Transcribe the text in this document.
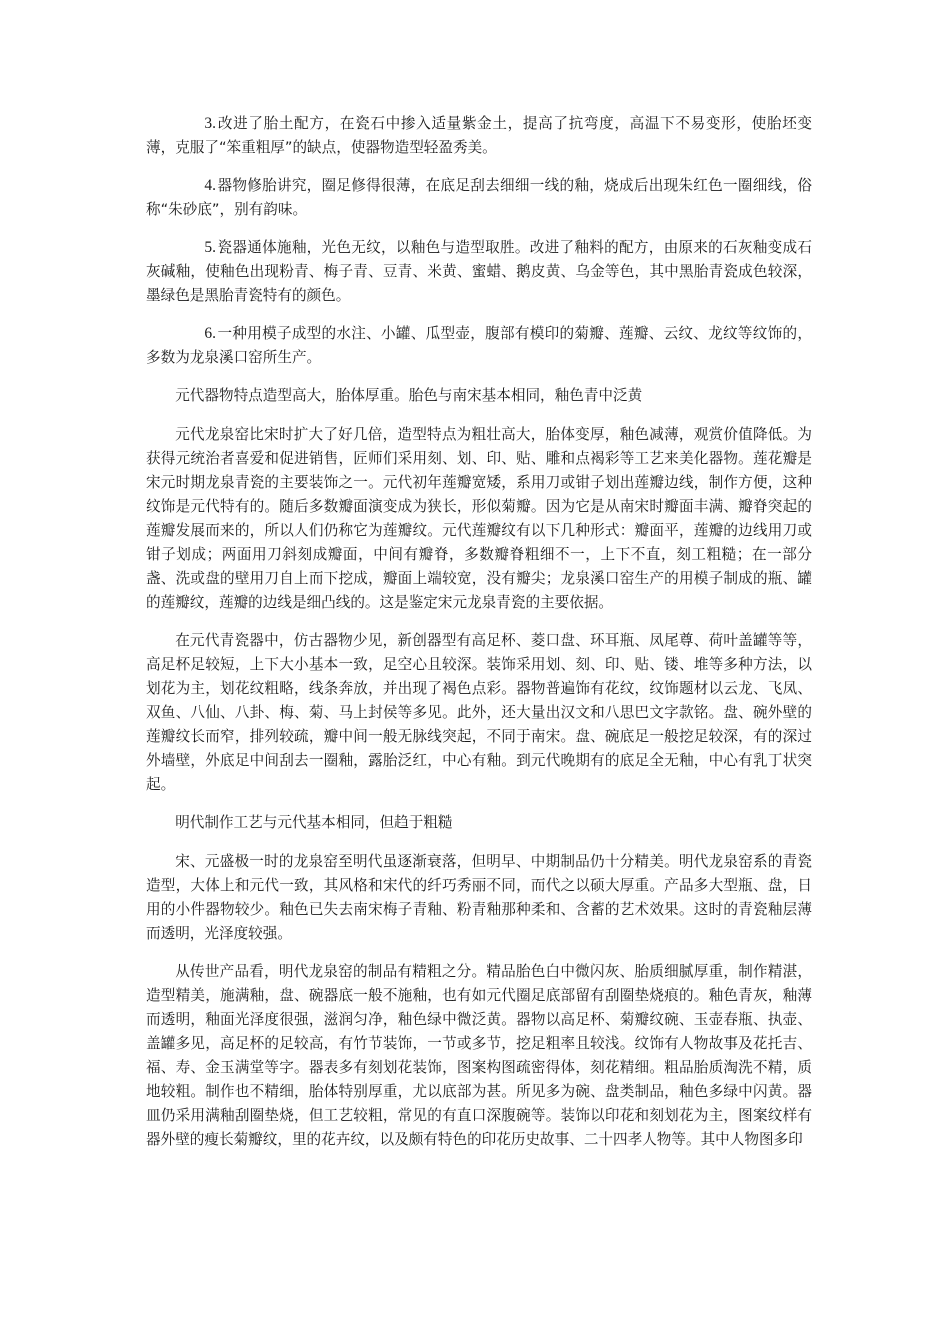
3.改进了胎土配方，在瓷石中掺入适量紫金土，提高了抗弯度，高温下不易变形，使胎坯变薄，克服了“笨重粗厚”的缺点，使器物造型轻盈秀美。

4.器物修胎讲究，圈足修得很薄，在底足刮去细细一线的釉，烧成后出现朱红色一圈细线，俗称“朱砂底”，别有韵味。

5.瓷器通体施釉，光色无纹，以釉色与造型取胜。改进了釉料的配方，由原来的石灰釉变成石灰碱釉，使釉色出现粉青、梅子青、豆青、米黄、蜜蜡、鹅皮黄、乌金等色，其中黑胎青瓷成色较深，墨绿色是黑胎青瓷特有的颜色。

6.一种用模子成型的水注、小罐、瓜型壶，腹部有模印的菊瓣、莲瓣、云纹、龙纹等纹饰的，多数为龙泉溪口窑所生产。

元代器物特点造型高大，胎体厚重。胎色与南宋基本相同，釉色青中泛黄

元代龙泉窑比宋时扩大了好几倍，造型特点为粗壮高大，胎体变厚，釉色减薄，观赏价值降低。为获得元统治者喜爱和促进销售，匠师们采用刻、划、印、贴、雕和点褐彩等工艺来美化器物。莲花瓣是宋元时期龙泉青瓷的主要装饰之一。元代初年莲瓣宽矮，系用刀或钳子划出莲瓣边线，制作方便，这种纹饰是元代特有的。随后多数瓣面演变成为狭长，形似菊瓣。因为它是从南宋时瓣面丰满、瓣脊突起的莲瓣发展而来的，所以人们仍称它为莲瓣纹。元代莲瓣纹有以下几种形式：瓣面平，莲瓣的边线用刀或钳子划成；两面用刀斜刻成瓣面，中间有瓣脊，多数瓣脊粗细不一，上下不直，刻工粗糙；在一部分盏、洗或盘的壁用刀自上而下挖成，瓣面上端较宽，没有瓣尖；龙泉溪口窑生产的用模子制成的瓶、罐的莲瓣纹，莲瓣的边线是细凸线的。这是鉴定宋元龙泉青瓷的主要依据。

在元代青瓷器中，仿古器物少见，新创器型有高足杯、菱口盘、环耳瓶、凤尾尊、荷叶盖罐等等，高足杯足较短，上下大小基本一致，足空心且较深。装饰采用划、刻、印、贴、镂、堆等多种方法，以划花为主，划花纹粗略，线条奔放，并出现了褐色点彩。器物普遍饰有花纹，纹饰题材以云龙、飞凤、双鱼、八仙、八卦、梅、菊、马上封侯等多见。此外，还大量出汉文和八思巴文字款铭。盘、碗外壁的莲瓣纹长而窄，排列较疏，瓣中间一般无脉线突起，不同于南宋。盘、碗底足一般挖足较深，有的深过外墙壁，外底足中间刮去一圈釉，露胎泛红，中心有釉。到元代晚期有的底足全无釉，中心有乳丁状突起。

明代制作工艺与元代基本相同，但趋于粗糙

宋、元盛极一时的龙泉窑至明代虽逐渐衰落，但明早、中期制品仍十分精美。明代龙泉窑系的青瓷造型，大体上和元代一致，其风格和宋代的纤巧秀丽不同，而代之以硕大厚重。产品多大型瓶、盘，日用的小件器物较少。釉色已失去南宋梅子青釉、粉青釉那种柔和、含蓄的艺术效果。这时的青瓷釉层薄而透明，光泽度较强。

从传世产品看，明代龙泉窑的制品有精粗之分。精品胎色白中微闪灰、胎质细腻厚重，制作精湛，造型精美，施满釉，盘、碗器底一般不施釉，也有如元代圈足底部留有刮圈垫烧痕的。釉色青灰，釉薄而透明，釉面光泽度很强，滋润匀净，釉色绿中微泛黄。器物以高足杯、菊瓣纹碗、玉壶春瓶、执壶、盖罐多见，高足杯的足较高，有竹节装饰，一节或多节，挖足粗率且较浅。纹饰有人物故事及花托吉、福、寿、金玉满堂等字。器表多有刻划花装饰，图案构图疏密得体，刻花精细。粗品胎质淘洗不精，质地较粗。制作也不精细，胎体特别厚重，尤以底部为甚。所见多为碗、盘类制品，釉色多绿中闪黄。器皿仍采用满釉刮圈垫烧，但工艺较粗，常见的有直口深腹碗等。装饰以印花和刻划花为主，图案纹样有器外壁的瘦长菊瓣纹，里的花卉纹，以及颇有特色的印花历史故事、二十四孝人物等。其中人物图多印
